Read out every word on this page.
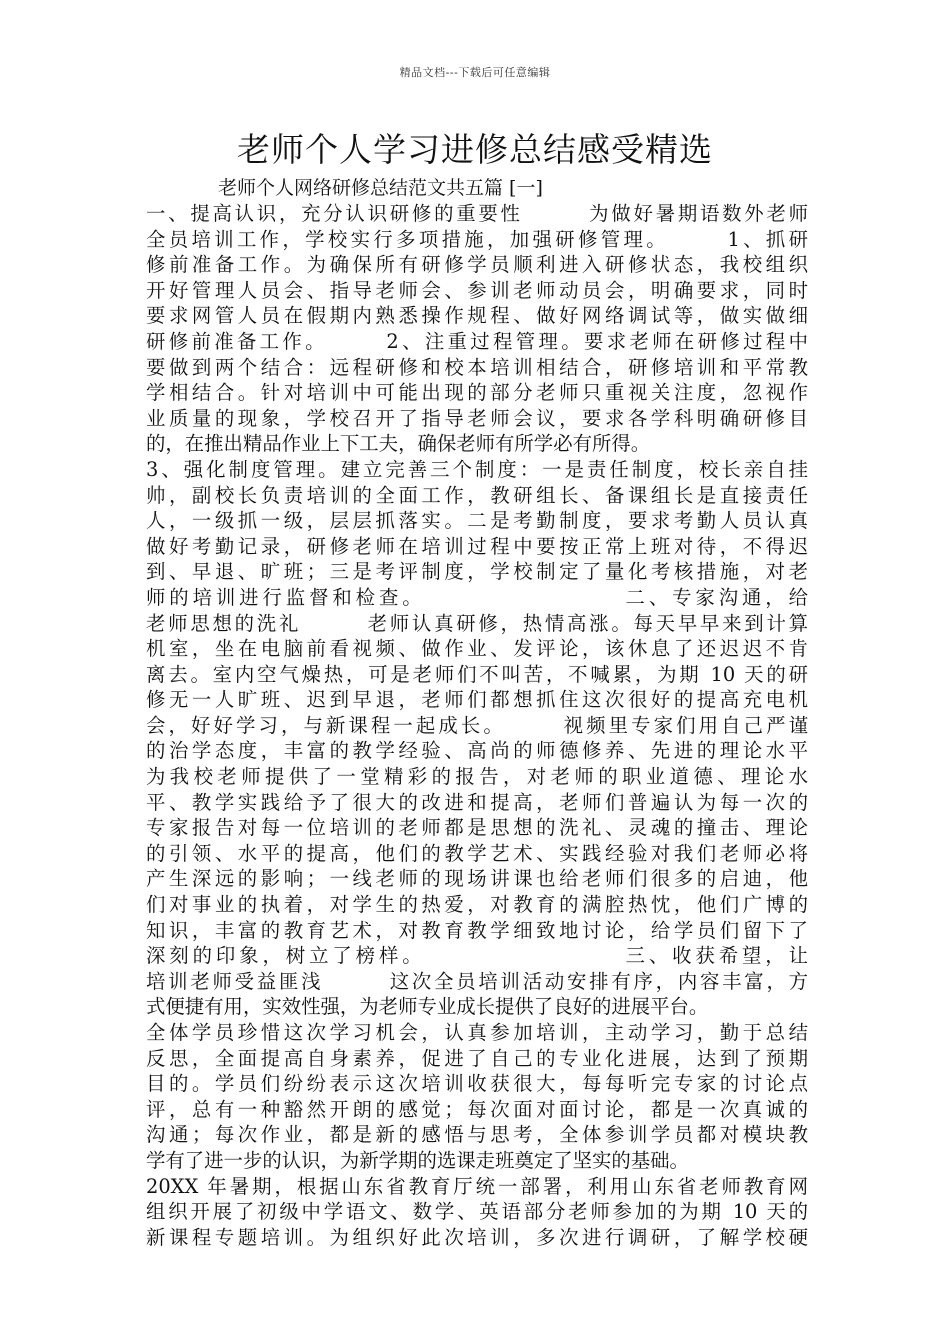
精品文档---下载后可任意编辑
老师个人学习进修总结感受精选
老师个人网络研修总结范文共五篇 [一]
一、提高认识，充分认识研修的重要性　　　为做好暑期语数外老师
全员培训工作，学校实行多项措施，加强研修管理。　　　1、抓研
修前准备工作。为确保所有研修学员顺利进入研修状态，我校组织
开好管理人员会、指导老师会、参训老师动员会，明确要求，同时
要求网管人员在假期内熟悉操作规程、做好网络调试等，做实做细
研修前准备工作。　　　2、注重过程管理。要求老师在研修过程中
要做到两个结合：远程研修和校本培训相结合，研修培训和平常教
学相结合。针对培训中可能出现的部分老师只重视关注度，忽视作
业质量的现象，学校召开了指导老师会议，要求各学科明确研修目
的，在推出精品作业上下工夫，确保老师有所学必有所得。
3、强化制度管理。建立完善三个制度：一是责任制度，校长亲自挂
帅，副校长负责培训的全面工作，教研组长、备课组长是直接责任
人，一级抓一级，层层抓落实。二是考勤制度，要求考勤人员认真
做好考勤记录，研修老师在培训过程中要按正常上班对待，不得迟
到、早退、旷班；三是考评制度，学校制定了量化考核措施，对老
师的培训进行监督和检查。　　　　　　　　　二、专家沟通，给
老师思想的洗礼　　　老师认真研修，热情高涨。每天早早来到计算
机室，坐在电脑前看视频、做作业、发评论，该休息了还迟迟不肯
离去。室内空气燥热，可是老师们不叫苦，不喊累，为期 10 天的研
修无一人旷班、迟到早退，老师们都想抓住这次很好的提高充电机
会，好好学习，与新课程一起成长。　　　视频里专家们用自己严谨
的治学态度，丰富的教学经验、高尚的师德修养、先进的理论水平
为我校老师提供了一堂精彩的报告，对老师的职业道德、理论水
平、教学实践给予了很大的改进和提高，老师们普遍认为每一次的
专家报告对每一位培训的老师都是思想的洗礼、灵魂的撞击、理论
的引领、水平的提高，他们的教学艺术、实践经验对我们老师必将
产生深远的影响；一线老师的现场讲课也给老师们很多的启迪，他
们对事业的执着，对学生的热爱，对教育的满腔热忱，他们广博的
知识，丰富的教育艺术，对教育教学细致地讨论，给学员们留下了
深刻的印象，树立了榜样。　　　　　　　　　三、收获希望，让
培训老师受益匪浅　　　这次全员培训活动安排有序，内容丰富，方
式便捷有用，实效性强，为老师专业成长提供了良好的进展平台。
全体学员珍惜这次学习机会，认真参加培训，主动学习，勤于总结
反思，全面提高自身素养，促进了自己的专业化进展，达到了预期
目的。学员们纷纷表示这次培训收获很大，每每听完专家的讨论点
评，总有一种豁然开朗的感觉；每次面对面讨论，都是一次真诚的
沟通；每次作业，都是新的感悟与思考，全体参训学员都对模块教
学有了进一步的认识，为新学期的选课走班奠定了坚实的基础。
20XX 年暑期，根据山东省教育厅统一部署，利用山东省老师教育网
组织开展了初级中学语文、数学、英语部分老师参加的为期 10 天的
新课程专题培训。为组织好此次培训，多次进行调研，了解学校硬
